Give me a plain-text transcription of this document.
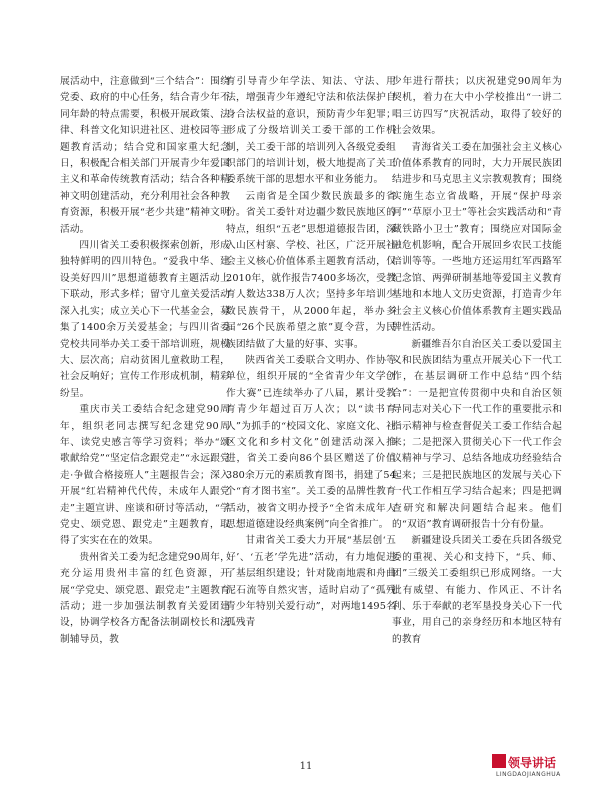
展活动中，注意做到“三个结合”：围绕党委、政府的中心任务，结合青少年不同年龄的特点需要，积极开展政策、法律、科普文化知识进社区、进校园等主题教育活动；结合党和国家重大纪念日，积极配合相关部门开展青少年爱国主义和革命传统教育活动；结合各种精神文明创建活动，充分利用社会各种教育资源，积极开展“老少共建”精神文明活动。

四川省关工委积极探索创新，形成独特鲜明的四川特色。“爱我中华、建设美好四川”思想道德教育主题活动上下联动，形式多样；留守儿童关爱活动深入扎实；成立关心下一代基金会，募集了1400余万关爱基金；与四川省委党校共同举办关工委干部培训班，规模大、层次高；启动贫困儿童救助工程，社会反响好；宣传工作形成机制，精彩纷呈。

重庆市关工委结合纪念建党90周年，组织老同志撰写纪念建党90周年、读党史感言等学习资料；举办“颂歌献给党”“坚定信念跟党走”“永远跟党走·争做合格接班人”主题报告会；深入开展“红岩精神代代传，未成年人跟党走”主题宣讲、座谈和研讨等活动，“学党史、颂党恩、跟党走”主题教育，取得了实实在在的效果。

贵州省关工委为纪念建党90周年，充分运用贵州丰富的红色资源，开展“学党史、颂党恩、跟党走”主题教育活动；进一步加强法制教育关爱团建设，协调学校各方配备法制副校长和法制辅导员，教

育引导青少年学法、知法、守法、用法，增强青少年遵纪守法和依法保护自身合法权益的意识，预防青少年犯罪；形成了分级培训关工委干部的工作机制，关工委干部的培训列入各级党委组织部门的培训计划，极大地提高了关工委系统干部的思想水平和业务能力。

云南省是全国少数民族最多的省份。省关工委针对边疆少数民族地区的特点，组织“五老”思想道德报告团，深入山区村寨、学校、社区，广泛开展社会主义核心价值体系主题教育活动，仅2010年，就作报告7400多场次，受教育人数达338万人次；坚持多年培训少数民族骨干，从2000年起，举办多届“26个民族希望之旅”夏令营，为民族团结做了大量的好事、实事。

陕西省关工委联合文明办、作协等单位，组织开展的“全省青少年文学创作大赛”已连续举办了八届，累计受教育青少年超过百万人次；以“读书育人”为抓手的“校园文化、家庭文化、社区文化和乡村文化”创建活动深入推进，省关工委向86个县区赠送了价值380余万元的素质教育图书，捐建了54个“育才图书室”。关工委的品牌性教育活动，被省文明办授予“全省未成年人思想道德建设经典案例”向全省推广。

甘肃省关工委大力开展“基层创‘五好’、‘五老’学先进”活动，有力地促进了基层组织建设；针对陇南地震和舟曲泥石流等自然灾害，适时启动了“孤残青少年特别关爱行动”，对两地1495名孤残青

少年进行帮扶；以庆祝建党90周年为契机，着力在大中小学校推出“一讲二唱三访四写”庆祝活动，取得了较好的社会效果。

青海省关工委在加强社会主义核心价值体系教育的同时，大力开展民族团结进步和马克思主义宗教观教育；围绕实施生态立省战略，开展“保护母亲河”“草原小卫士”等社会实践活动和“青藏铁路小卫士”教育；围绕应对国际金融危机影响，配合开展回乡农民工技能培训等等。一些地方还运用红军西路军纪念馆、两弹研制基地等爱国主义教育基地和本地人文历史资源，打造青少年社会主义核心价值体系教育主题实践品牌性活动。

新疆维吾尔自治区关工委以爱国主义和民族团结为重点开展关心下一代工作，在基层调研工作中总结“四个结合”：一是把宣传贯彻中央和自治区领导同志对关心下一代工作的重要批示和指示精神与检查督促关工委工作结合起来；二是把深入贯彻关心下一代工作会议精神与学习、总结各地成功经验结合起来；三是把民族地区的发展与关心下一代工作相互学习结合起来；四是把调查研究和解决问题结合起来。他们的“双语”教育调研报告十分有份量。

新疆建设兵团关工委在兵团各级党委的重视、关心和支持下，“兵、师、团”三级关工委组织已形成网络。一大批有威望、有能力、作风正、不计名利、乐于奉献的老军垦投身关心下一代事业，用自己的亲身经历和本地区特有的教育

11	领导讲话
LINGDAOJIANGHUA
